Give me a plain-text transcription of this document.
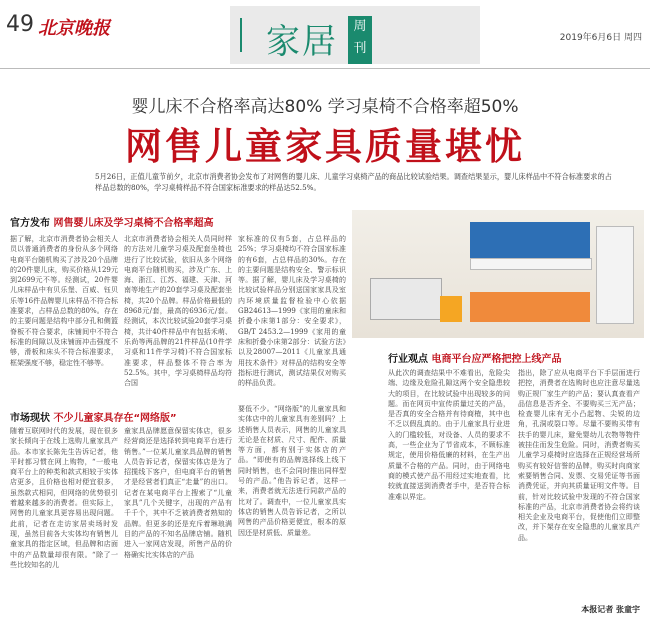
49 北京晚报	家居	周刊
2019年6月6日 周四
婴儿床不合格率高达80% 学习桌椅不合格率超50%
网售儿童家具质量堪忧
5月26日，正值儿童节前夕，北京市消费者协会发布了对网售的婴儿床、儿童学习桌椅产品的商品比较试验结果。调查结果显示，婴儿床样品中不符合标准要求的占样品总数的80%，学习桌椅样品不符合国家标准要求的样品达52.5%。
官方发布 网售婴儿床及学习桌椅不合格率超高
据了解，北京市消费者协会相关人员以普通消费者的身份从多个网络电商平台随机购买了涉及20个品牌的20件婴儿床，购买价格从129元到2699元不等。经测试，20件婴儿床样品中有贝乐堡、百威、钰贝乐等16件品牌婴儿床样品不符合标准要求，占样品总数的80%。存在的主要问题是结构中部分孔和侧篮脊板不符合要求，床铺间中不符合标准的间隙以及床铺面冲击强度不够，滑板和床头不符合标准要求，框架强度不够，稳定性不够等。
北京市消费者协会相关人员同时样的方法对儿童学习桌及配套坐椅也进行了比较试验，依旧从多个网络电商平台随机购买，涉及广东、上海、浙江、江苏、福建、天津、河南等地生产的20套学习桌及配套坐椅，共20个品牌。样品价格最低的8968元/套，最高的6936元/套。经测试，本次比较试验20套学习桌椅，共计40件样品中有包括禾萌、乐尚等两品牌的21件样品(10件学习桌和11件学习椅)不符合国家标准要求，样品整体不符合率为52.5%。其中，学习桌椅样品均符合国
家标准的仅有5套，占总样品的25%；学习桌椅均不符合国家标准的有6套，占总样品的30%。存在的主要问题是结构安全、警示标识等。据了解，婴儿床及学习桌椅的比较试验样品分别送国家家具及室内环境质量监督检验中心依据GB24613—1999《家用的童床和折叠小床第1部分：安全要求》，GB/T 2453.2—1999《家用的童床和折叠小床第2部分：试验方法》以及28007—2011《儿童家具通用技术条件》对样品的结构安全等指标进行测试，测试结果仅对购买的样品负责。
市场现状 不少儿童家具存在“网络版”
随着互联网时代的发展，现在很多家长倾向于在线上选购儿童家具产品。本市家长陈先生告诉记者，他平时都习惯在网上购物，“一般电商平台上的种类和款式相较于实体店更多，且价格也相对便宜很多，虽然款式相同，但网络的优势很引着越来越多的消费者。但实际上，网售的儿童家具更容易出现问题。此前，记者在走访家居卖场时发现，虽然目前各大实体均有销售儿童家具的指定区域，但品牌和店面中的产品数量却很有限。“除了一些比较知名的儿
童家具品牌愿意保留实体店，很多经营商还是选择转到电商平台进行销售。”一位某儿童家具品牌的销售人员告诉记者，保留实体店是为了招揽线下客户，但电商平台的销售才是经营者们真正“走量”的出口。记者在某电商平台上搜索了“儿童家具”几个关键字，出现的产品有千千个，其中不乏被消费者熟知的品牌。但更多的还是充斥着琳琅满目的产品的不知名品牌店铺。随机进入一家网店发现，所售产品的价格确实比实体店的产品
要低不少。“网络版”的儿童家具和实体店中的儿童家具有差别吗？上述销售人员表示，网售的儿童家具无论是在材质、尺寸、配件、质量等方面，都有别于实体店的产品。“即使有的品牌选择线上线下同时销售，也不会同时推出同样型号的产品。”他告诉记者，这样一来，消费者就无法进行同款产品的比对了。调查中，一位儿童家具实体店的销售人员告诉记者，之所以网售的产品价格更便宜，根本的原因还是材质低、质量差。
行业观点 电商平台应严格把控上线产品
从此次的调查结果中不难看出，危险尖端、边缘及危险孔隙这两个安全隐患较大的项目，在比较试验中出现较多的问题。而在网页中宣传质量过关的产品，是否真的安全合格并有待商榷，其中也不乏以假乱真的。由于儿童家具行业进入的门槛较低，对设备、人员的要求不高，一些企业为了节省成本，不顾标准规定，使用价格低廉的材料，在生产出质量不合格的产品。同时，由于网络电商的模式使产品不用经过实地查看，比较就直接送到消费者手中，是否符合标准难以界定。
指出，除了应从电商平台下手层面进行把控，消费者在选购时也应注意尽量选购正规厂家生产的产品；要认真查看产品信息是否齐全、不要购买三无产品；检查婴儿床有无小凸起物、尖锐的边角，孔洞或裂口等。尽量不要购买带有扶手的婴儿床，避免婴幼儿衣物等物件被挂住而发生危险。同时，消费者购买儿童学习桌椅时应选择在正规经营场所购买有较好信誉的品牌，购买时向商家索要销售合同、发票、交易凭证等书面消费凭证，并向其质量证明文件等。目前，针对比较试验中发现的不符合国家标准的产品，北京市消费者协会将约谈相关企业及电商平台，促使他们立即整改，并下架存在安全隐患的儿童家具产品。
本报记者 张童宇
